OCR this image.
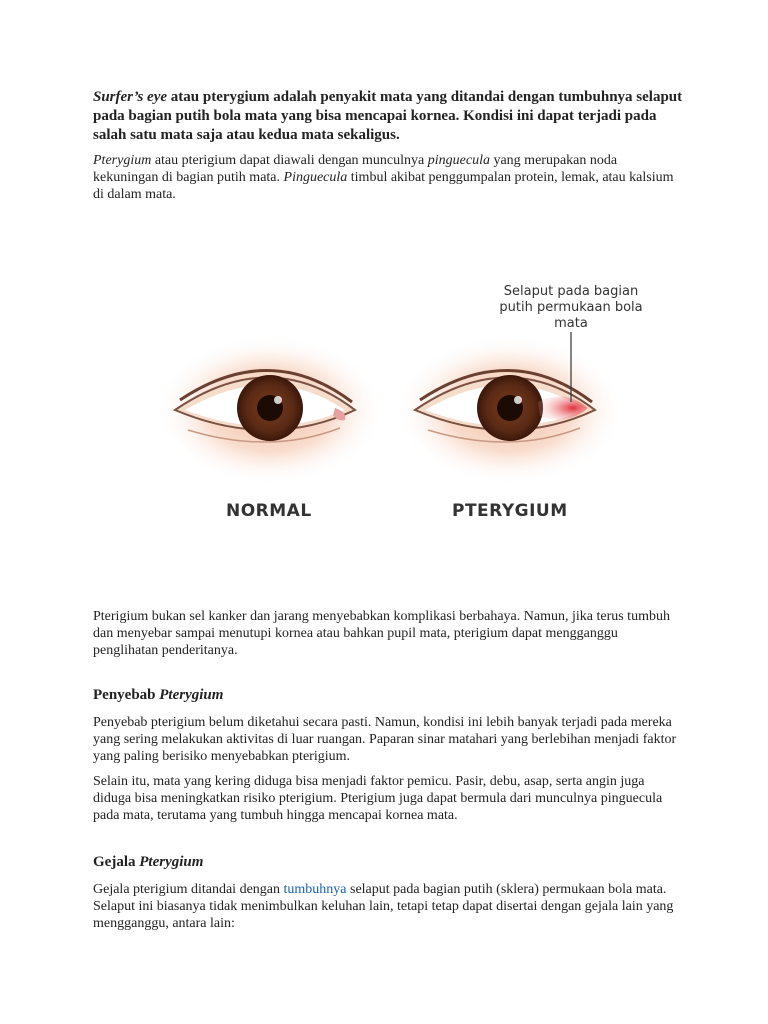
Surfer’s eye atau pterygium adalah penyakit mata yang ditandai dengan tumbuhnya selaput pada bagian putih bola mata yang bisa mencapai kornea. Kondisi ini dapat terjadi pada salah satu mata saja atau kedua mata sekaligus.

Pterygium atau pterigium dapat diawali dengan munculnya pinguecula yang merupakan noda kekuningan di bagian putih mata. Pinguecula timbul akibat penggumpalan protein, lemak, atau kalsium di dalam mata.

NORMAL	PTERYGIUM
Selaput pada bagian putih permukaan bola mata

Pterigium bukan sel kanker dan jarang menyebabkan komplikasi berbahaya. Namun, jika terus tumbuh dan menyebar sampai menutupi kornea atau bahkan pupil mata, pterigium dapat mengganggu penglihatan penderitanya.

Penyebab Pterygium

Penyebab pterigium belum diketahui secara pasti. Namun, kondisi ini lebih banyak terjadi pada mereka yang sering melakukan aktivitas di luar ruangan. Paparan sinar matahari yang berlebihan menjadi faktor yang paling berisiko menyebabkan pterigium.

Selain itu, mata yang kering diduga bisa menjadi faktor pemicu. Pasir, debu, asap, serta angin juga diduga bisa meningkatkan risiko pterigium. Pterigium juga dapat bermula dari munculnya pinguecula pada mata, terutama yang tumbuh hingga mencapai kornea mata.

Gejala Pterygium

Gejala pterigium ditandai dengan tumbuhnya selaput pada bagian putih (sklera) permukaan bola mata. Selaput ini biasanya tidak menimbulkan keluhan lain, tetapi tetap dapat disertai dengan gejala lain yang mengganggu, antara lain:
